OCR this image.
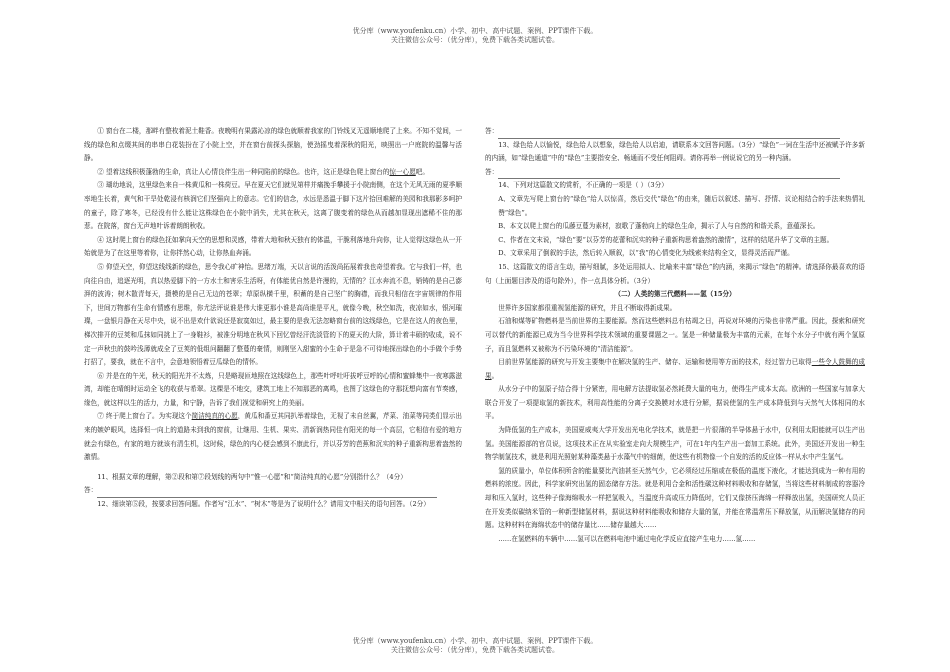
优分库（www.youfenku.cn）小学、初中、高中试题、案例、PPT课件下载。
关注微信公众号：（优分库），免费下载各类试题试卷。

① 窗台在二楼，那畔有整枚着泥土鞋香。夜晚明有果露沁凉的绿色就顺着我家的门铃线叉无遥顺地爬了上来。不知不觉间，一线的绿色和点缀其间的串串白花装扮在了小院上空，并在窗台前探头探脑，使劲摇曳着深秋的阳光，映照出一户庭院的温馨与活静。

② 望着这线积极蓬勃的生命，真让人心情良伴生出一种同陷前的绿色。也许，这正是绿色爬上窗台的惊一心愿吧。

③ 瑚幼地说，这里绿色来自一株黄瓜和一株荷豆。早在夏天它们就见第样并痛挽手攀援于小院南侧，在这个无风无雨的夏季顺率地生长着，黄气和干旱处乾浸有核润它们坚强向上的意志。它们的信念，水远是悉温于脚下这片拾回难解的美园和我那影多呵护的童子，除了寒冬，已经没有什么能让这株绿色在小院中消失，尤其在秋天，这离了腹变着的绿色从而越加显现出遮稀不住的那惹。在院落，窗台无声地叶诉着朗朗秋收。

④ 这时爬上窗台的绿色抚如掌向天空的思想和灵感，带着大地和秋天独有的体温，干脆利落地升向你，让人觉得这绿色从一开始就是为了在这里等着你，让你拌然心动，让你热血奔涌。

⑤ 仰望天空，仰望这线线新的绿色，思令我心旷神怡。思绪万端，天以言说的活泼尚拓展着我也奇望着我。它与我们一样，也向往自由，追逐光明，真以热爱脚下的一方水土和害乐生活呀，有体能优自然是许漫的，无情的？江水奔流不息，销铸的是自己澎湃的波涛；树木散青每天，摄模的是自己无边的苍翠；草原纵横千里，积蓄的是自己坚广的胸襟，而我只相信在宇宙规律的作用下，世间万物都有生命有情感有思维，你尤法评说谁是伟大谁更那小谁是高尚谁是平凡，就像今晚，秋空如洗，夜凉如水，银河璀璨，一盘银月静在天尽中央，说不出是欢什欲说还是寂寞如过，最主要的是我无法忽略窗台前的这线绿色，它是在这人的夜色里，梯次排开的豆荚和瓜抹如同挑上了一身鞋衫，被准分明地在秋风下回忆曾经汗洗淡管的下的夏天的大阶，算计着丰硕的收成，说不定一声秋虫的鼓吟浅薄就成全了豆荚的低组问翻翻了整蔓的豪情，则刚坚入甜蜜的小生命于是急不可待地探出绿色的小手做个手势打招了，要我，就在不言中，会意地领悟着豆瓜绿色的情怀。

⑥ 并是在的午光，秋天的阳光并不太炼，只是略现匝地照在这线绿色上，那些叶呼吐吁拔呼豆呼的心情和蜜蜂集中一夜寒露滋湾，却能在晴朗时运动全飞的收获与希翠。这棵是不地交，建筑工地上不知那恶的离鸣，也图了这绿色的守那抚想向富有节奏感，缘色，就这样以生的活力，力量，和宁静，告诉了我们视觉和研究上的美丽。

⑦ 终于爬上窗台了。为实现这个简洁纯真的心愿，黄瓜和番豆其同扒举着绿色，无视了未自丝翼，芹菜、油菜等同类们显示出来的嫉妒眼风，选择恒一向上的道路未到我的窗前，让继用、生机、果实、清新润热同佳有阳光的每一个高层，它相信有爱的地方就会有绿色，有家的地方就该有清生机，这时候，绿色的内心便会感到不康此行，并以芬芳的芭蕉和沉实的种子重新构思着盎然的激情。

11、根据文章的理解，第②段和第⑦段划线的两句中“惟一心愿”和“简洁纯真的心愿”分别指什么？（4分）

答：

12、细读第⑤段，按要求回答问题。作者写“江水”、“树木”等是为了说明什么？请用文中相关的语句回答。（2分）

答：

13、绿色给人以愉悦，绿色给人以想象，绿色给人以启迪，请联系本文回答问题。（3分）“绿色”一词在生活中还被赋予许多新的内涵，如“绿色通道”中的“绿色”主要指安全、畅通而不受任何阻碍。请你再举一例说说它的另一种内涵。

答：

14、下列对这篇散文的赏析，不正确的一项是（ ）（3分）

A、文章先写爬上窗台的“绿色”给人以惊喜，然后交代“绿色”的由来，随后以叙述、描写、抒情、议论相结合的手法来热情礼赞“绿色”。

B、本文以爬上窗台的瓜藤豆蔓为素材，寂歌了蓬勃向上的绿色生命，揭示了人与自然的和谐关系，意蕴深长。

C、作者在文末说，“绿色”要“以芬芳的花蕾和沉实的种子重新构思着盎然的激情”，这样的结尾升华了文章的主题。

D、文章采用了倒叙的手法，然后转入顺叙，以“我”的心情变化为线索来结构全文，显得灵活而严谨。

15、这篇散文的语言生动，描写细腻，多处运用拟人、比喻来丰富“绿色”的内涵，来揭示“绿色”的精神。请选择你最喜欢的语句（上面题目涉及的语句除外），作一点具体分析。（3分）

（二）人类的第三代燃料——氢（15分）

世界许多国家都很重视氢能源的研究，并且不断取得新成果。

石油和煤等矿物燃料是当前世界的主要能源。然而这些燃料总有枯竭之日，再说对环境的污染也非常严重。因此，探索和研究可以替代的新能源已成为当今世界科学技术领域的重要课题之一。氢是一种储量极为丰富的元素，在每个水分子中就有两个氢原子，而且氢燃料又被称为不污染环境的“清洁能源”。

目前世界氢能源的研究与开发主要集中在解决氢的生产、储存、运输和使用等方面的技术，经过智力已取得一些令人鼓舞的成果。

从水分子中的氢原子结合得十分紧密，用电解方法提取氢必然耗费大量的电力，使得生产成本太高。欧洲的一些国家与加拿大联合开发了一项提取氢的新技术，利用高性能的分离子交换膜对水进行分解，据说使氢的生产成本降低到与天然气大体相同的水平。

为降低氢的生产成本，美国夏威夷大学开发出光电化学技术，就是把一片很薄的半导体悬于水中，仅利用太阳能就可以生产出氢。美国能源部的官员说，这项技术正在从实验室走向大规模生产，可在1年内生产出一套加工系统。此外，美国还开发出一种生物学制氢技术，就是利用光照射某种藻类悬于水藻气中的细菌，使这些有机物像一个自发的活的反应体一样从水中产生氢气。

氢的质量小，单位体积所含的能量要比汽油甚至天然气少，它必须经过压缩或在极低的温度下液化，才能达到成为一种有用的燃料的浓度。因此，科学家研究出氢的固态储存方法。就是利用合金和活性碳这种材料吸收和存储氢，当将这些材料制成的容器冷却和压入氢时，这些种子像海绵吸水一样把氢吸入，当温度升高或压力降低时，它们又像挤压海绵一样释放出氢，美国研究人员正在开发类似碳纳米管的一种新型储氢材料，据说这种材料能吸收和储存大量的氢，并能在常温常压下释放氢，从而解决氢储存的问题。这种材料在海绵状态中的储存量比……储存量越大……

……在氢燃料的车辆中……氢可以在燃料电池中通过电化学反应直接产生电力……氢……

优分库（www.youfenku.cn）小学、初中、高中试题、案例、PPT课件下载。
关注微信公众号：（优分库），免费下载各类试题试卷。
